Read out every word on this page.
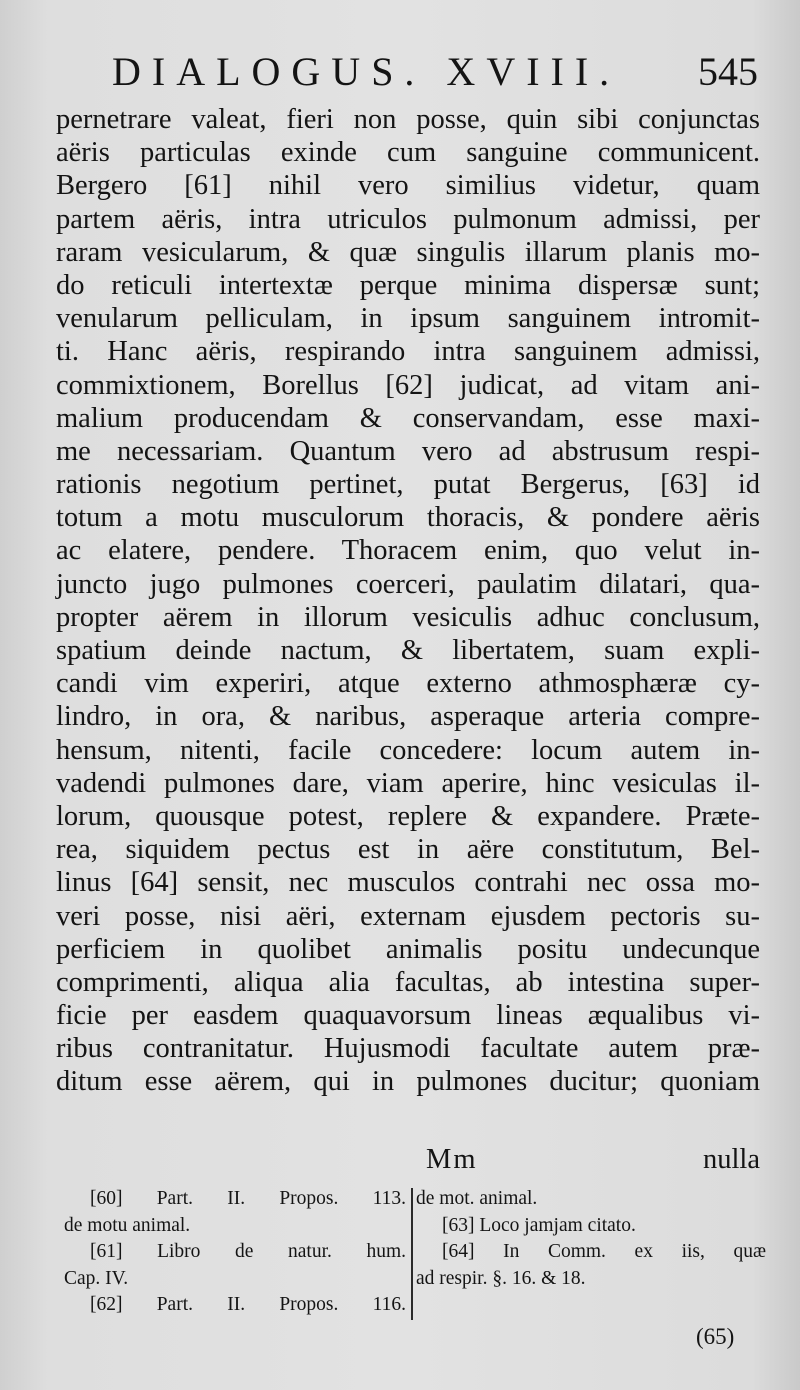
DIALOGUS. XVIII. 545
pernetrare valeat, fieri non posse, quin sibi conjunctas
aëris particulas exinde cum sanguine communicent.
Bergero [61] nihil vero similius videtur, quam
partem aëris, intra utriculos pulmonum admissi, per
raram vesicularum, & quæ singulis illarum planis mo-
do reticuli intertextæ perque minima dispersæ sunt;
venularum pelliculam, in ipsum sanguinem intromit-
ti. Hanc aëris, respirando intra sanguinem admissi,
commixtionem, Borellus [62] judicat, ad vitam ani-
malium producendam & conservandam, esse maxi-
me necessariam. Quantum vero ad abstrusum respi-
rationis negotium pertinet, putat Bergerus, [63] id
totum a motu musculorum thoracis, & pondere aëris
ac elatere, pendere. Thoracem enim, quo velut in-
juncto jugo pulmones coerceri, paulatim dilatari, qua-
propter aërem in illorum vesiculis adhuc conclusum,
spatium deinde nactum, & libertatem, suam expli-
candi vim experiri, atque externo athmosphæræ cy-
lindro, in ora, & naribus, asperaque arteria compre-
hensum, nitenti, facile concedere: locum autem in-
vadendi pulmones dare, viam aperire, hinc vesiculas il-
lorum, quousque potest, replere & expandere. Præte-
rea, siquidem pectus est in aëre constitutum, Bel-
linus [64] sensit, nec musculos contrahi nec ossa mo-
veri posse, nisi aëri, externam ejusdem pectoris su-
perficiem in quolibet animalis positu undecunque
comprimenti, aliqua alia facultas, ab intestina super-
ficie per easdem quaquavorsum lineas æqualibus vi-
ribus contranitatur. Hujusmodi facultate autem præ-
ditum esse aërem, qui in pulmones ducitur; quoniam
Mm	nulla
[60] Part. II. Propos. 113.
de motu animal.
[61] Libro de natur. hum.
Cap. IV.
[62] Part. II. Propos. 116.
de mot. animal.
[63] Loco jamjam citato.
[64] In Comm. ex iis, quæ
ad respir. §. 16. & 18.
(65)
